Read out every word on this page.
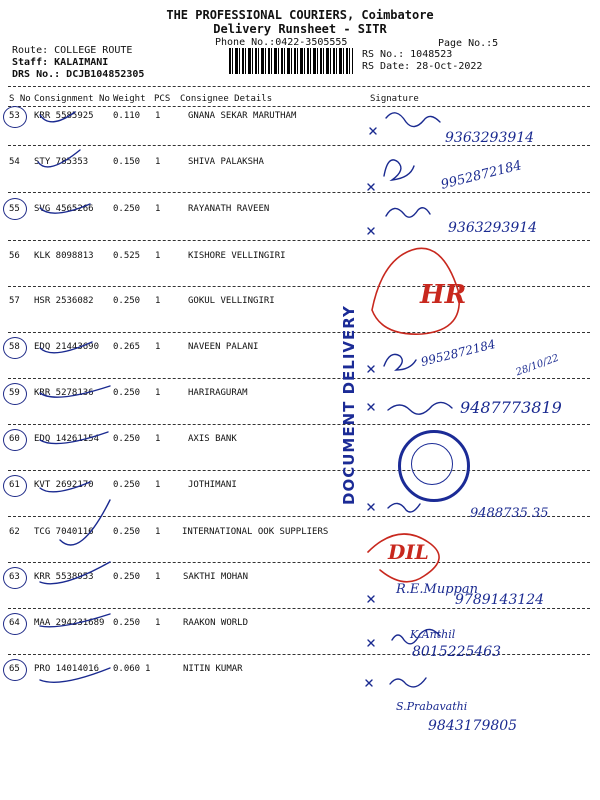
THE PROFESSIONAL COURIERS, Coimbatore
Delivery Runsheet - SITR
Phone No.:0422-3505555	Page No.:5
Route: COLLEGE ROUTE
Staff: KALAIMANI
DRS No.: DCJB104852305
RS No.: 1048523
RS Date: 28-Oct-2022
S No Consignment No Weight PCS Consignee Details	Signature
53 KRR 5585925 0.110 1	GNANA SEKAR MARUTHAM
54 STY 785353	0.150 1	SHIVA PALAKSHA
55 SVG 4565266 0.250 1	RAYANATH RAVEEN
56 KLK 8098813 0.525 1	KISHORE VELLINGIRI
57 HSR 2536082 0.250 1	GOKUL VELLINGIRI
58 EDQ 21443690 0.265 1	NAVEEN PALANI
59 KRR 5278136 0.250 1	HARIRAGURAM
60 EDQ 14261154 0.250 1	AXIS BANK
61 KVT 2692170 0.250 1	JOTHIMANI
62 TCG 7040116 0.250 1 INTERNATIONAL OOK SUPPLIERS
63 KRR 5538953 0.250 1	SAKTHI MOHAN
64 MAA 294231689 0.250 1	RAAKON WORLD
65 PRO 14014016 0.060 1	NITIN KUMAR
DOCUMENT DELIVERY
9363293914
9952872184
9363293914
HR
9952872184 28/10/22
9487773819
9488735 35
DIL
R.E.Muppan
9789143124
K.Anthil
8015225463
S.Prabavathi
9843179805
